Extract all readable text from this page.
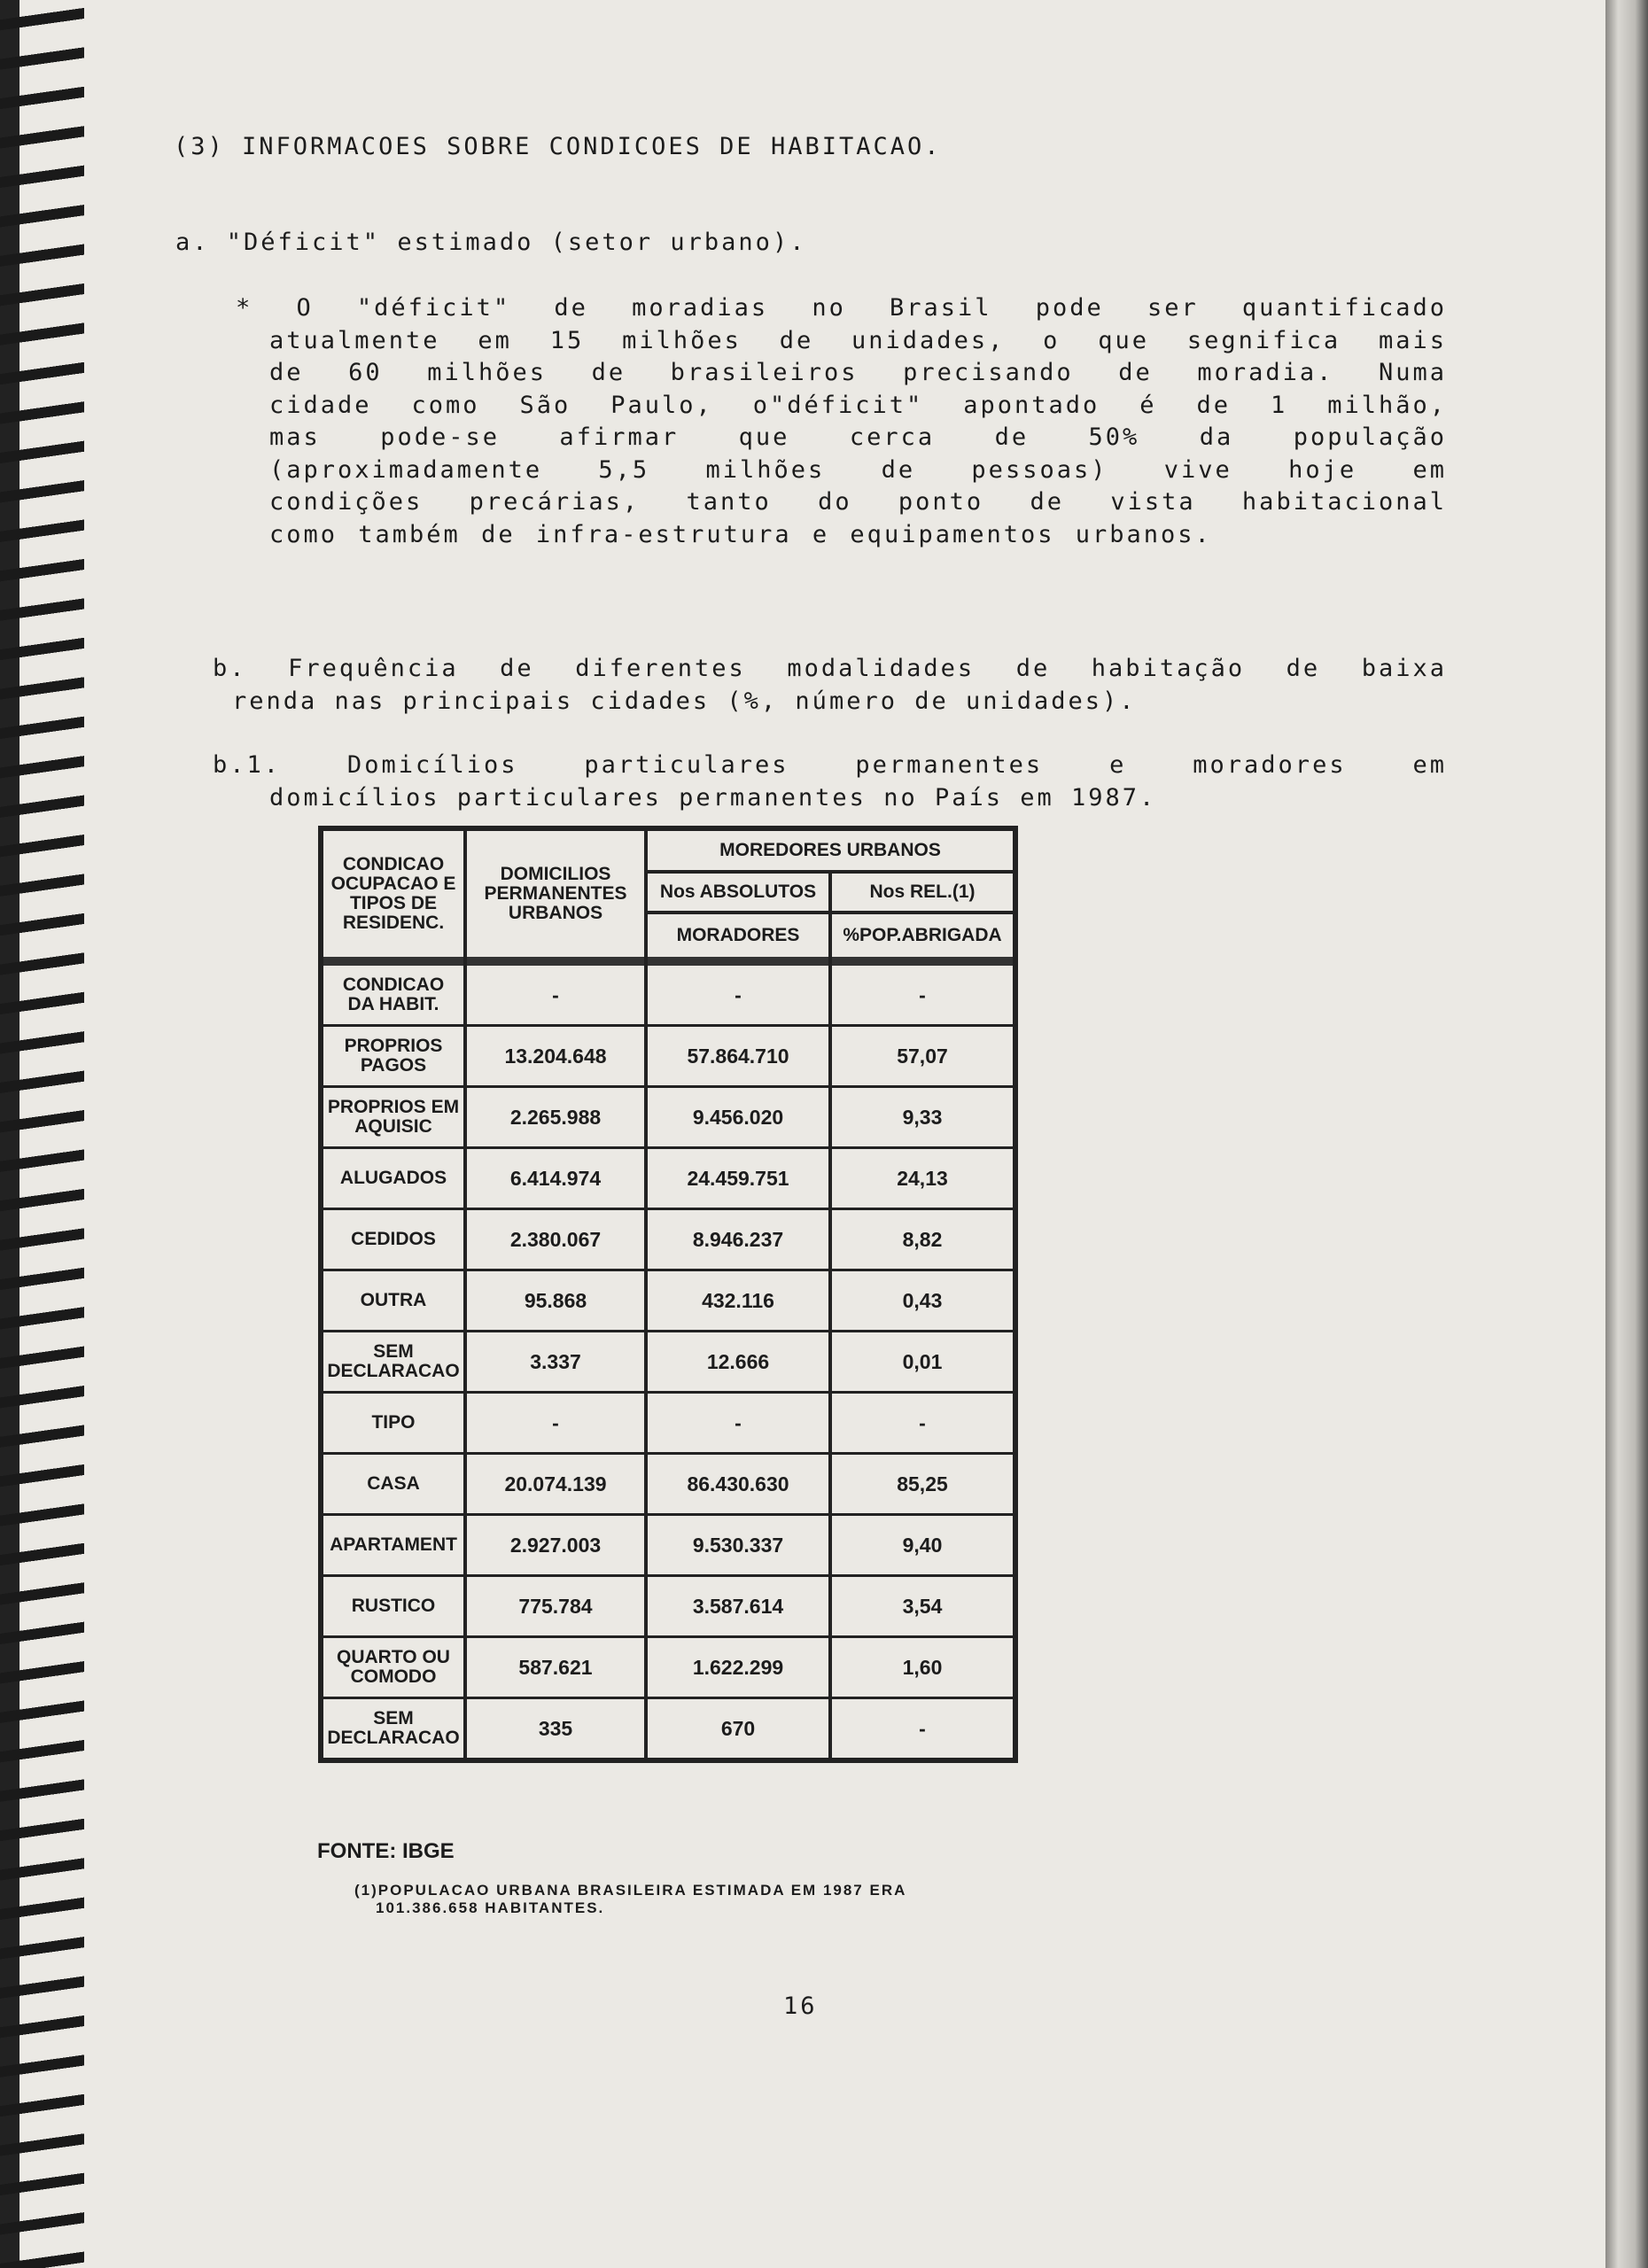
(3) INFORMACOES SOBRE CONDICOES DE HABITACAO.
a. "Déficit" estimado (setor urbano).
* O "déficit" de moradias no Brasil pode ser quantificado
atualmente em 15 milhões de unidades, o que segnifica mais
de 60 milhões de brasileiros precisando de moradia. Numa
cidade como São Paulo, o"déficit" apontado é de 1 milhão,
mas pode-se afirmar que cerca de 50% da população
(aproximadamente 5,5 milhões de pessoas) vive hoje em
condições precárias, tanto do ponto de vista habitacional
como também de infra-estrutura e equipamentos urbanos.
b. Frequência de diferentes modalidades de habitação de baixa
renda nas principais cidades (%, número de unidades).
b.1. Domicílios particulares permanentes e moradores em
domicílios particulares permanentes no País em 1987.
CONDICAO OCUPACAO E TIPOS DE RESIDENC.	DOMICILIOS PERMANENTES URBANOS	MOREDORES URBANOS	
		Nos ABSOLUTOS	Nos REL.(1)
		MORADORES	%POP.ABRIGADA

CONDICAO DA HABIT.	-	-	-
PROPRIOS PAGOS	13.204.648	57.864.710	57,07
PROPRIOS EM AQUISIC	2.265.988	9.456.020	9,33
ALUGADOS	6.414.974	24.459.751	24,13
CEDIDOS	2.380.067	8.946.237	8,82
OUTRA	95.868	432.116	0,43
SEM DECLARACAO	3.337	12.666	0,01
TIPO	-	-	-
CASA	20.074.139	86.430.630	85,25
APARTAMENT	2.927.003	9.530.337	9,40
RUSTICO	775.784	3.587.614	3,54
QUARTO OU COMODO	587.621	1.622.299	1,60
SEM DECLARACAO	335	670	-
FONTE: IBGE
(1)POPULACAO URBANA BRASILEIRA ESTIMADA EM 1987 ERA
101.386.658 HABITANTES.
16
